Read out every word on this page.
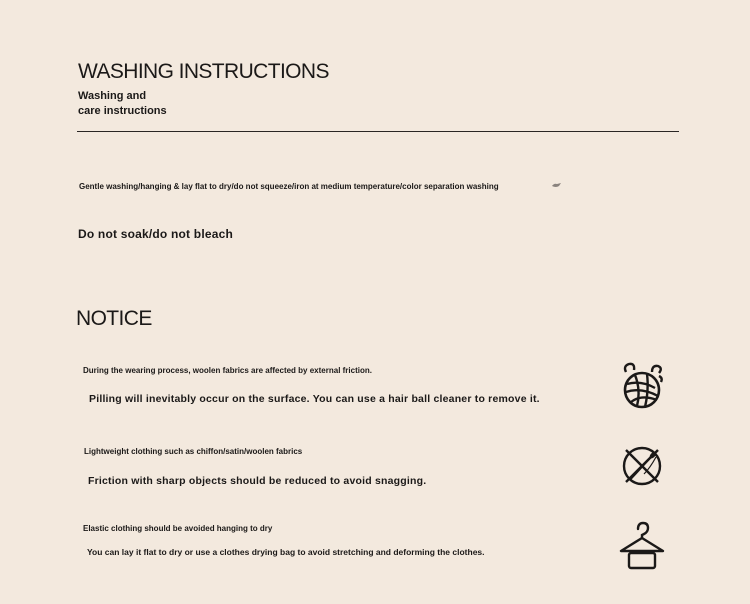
WASHING INSTRUCTIONS
Washing and care instructions
Gentle washing/hanging & lay flat to dry/do not squeeze/iron at medium temperature/color separation washing
Do not soak/do not bleach
NOTICE
During the wearing process, woolen fabrics are affected by external friction.
Pilling will inevitably occur on the surface. You can use a hair ball cleaner to remove it.
Lightweight clothing such as chiffon/satin/woolen fabrics
Friction with sharp objects should be reduced to avoid snagging.
Elastic clothing should be avoided hanging to dry
You can lay it flat to dry or use a clothes drying bag to avoid stretching and deforming the clothes.
